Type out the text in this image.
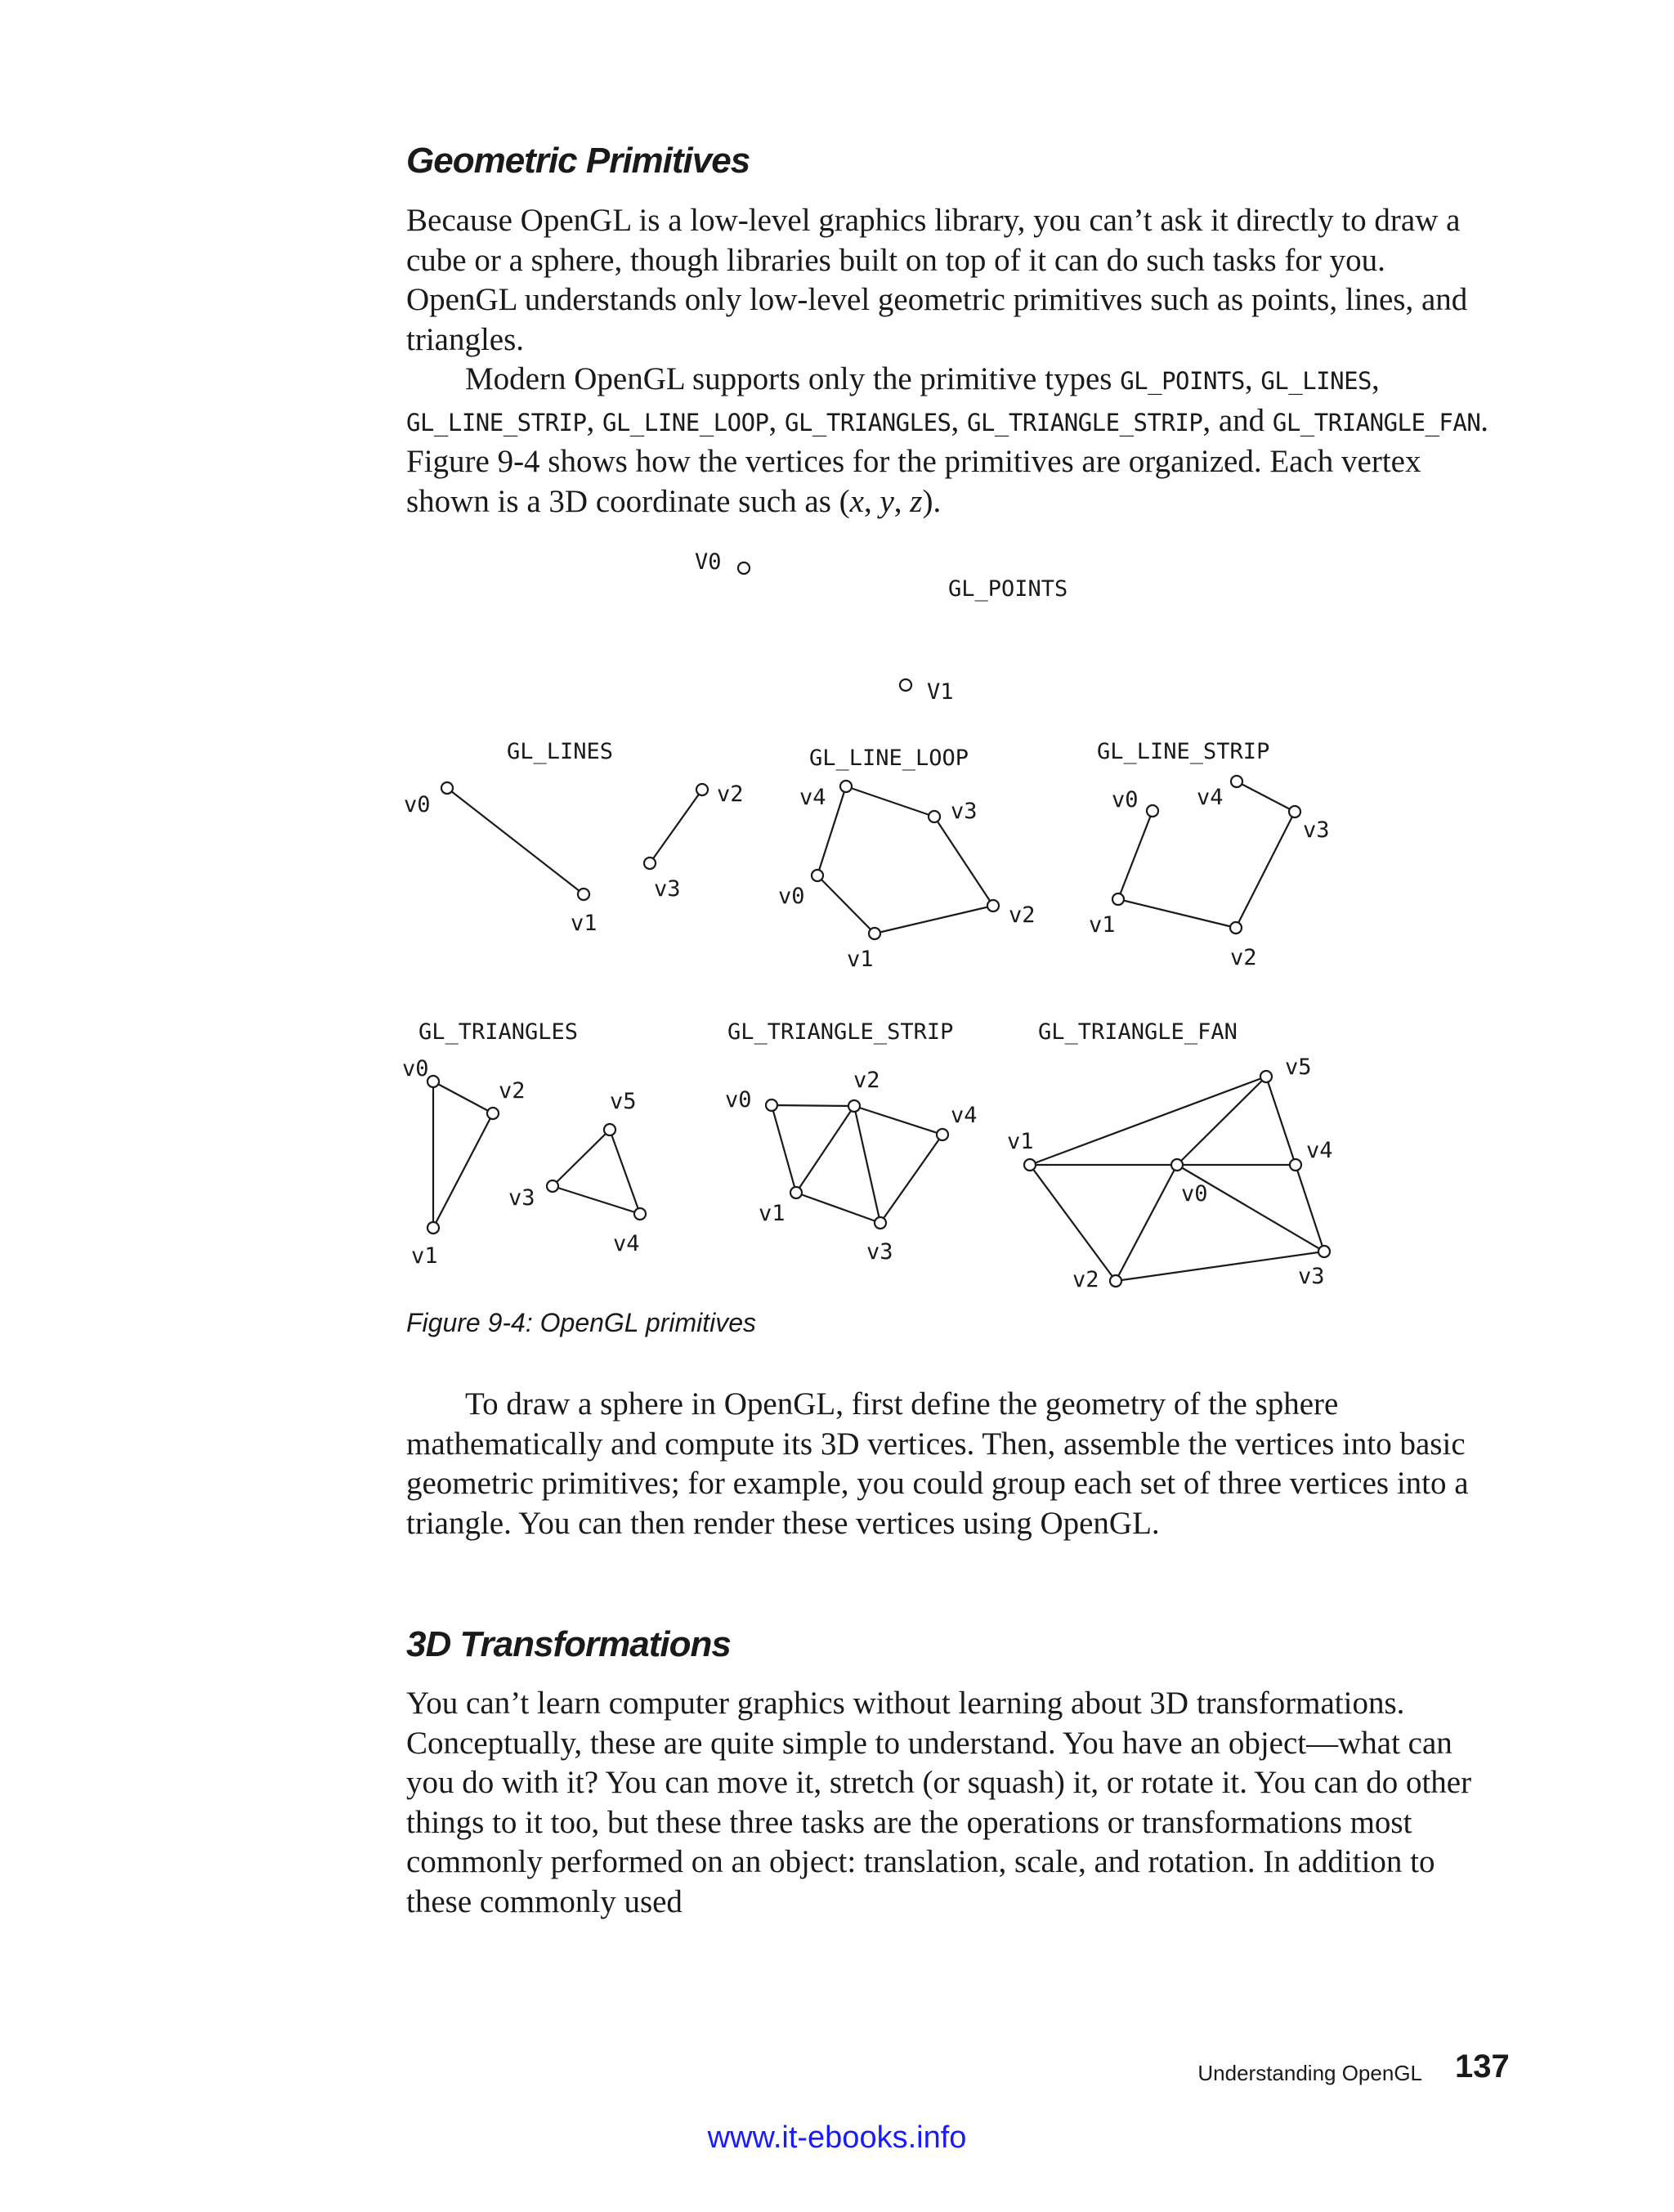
Geometric Primitives

Because OpenGL is a low-level graphics library, you can’t ask it directly to draw a cube or a sphere, though libraries built on top of it can do such tasks for you. OpenGL understands only low-level geometric primitives such as points, lines, and triangles.

Modern OpenGL supports only the primitive types GL_POINTS, GL_LINES, GL_LINE_STRIP, GL_LINE_LOOP, GL_TRIANGLES, GL_TRIANGLE_STRIP, and GL_TRIANGLE_FAN. Figure 9-4 shows how the vertices for the primitives are organized. Each vertex shown is a 3D coordinate such as (x, y, z).

GL_POINTS
V0
V1
GL_LINES
v0
v1
v2
v3
GL_LINE_LOOP
v0
v1
v2
v3
v4
GL_LINE_STRIP
v0
v1
v2
v3
v4
GL_TRIANGLES
v0
v1
v2
v3
v4
v5
GL_TRIANGLE_STRIP
v0
v1
v2
v3
v4
GL_TRIANGLE_FAN
v0
v1
v2	v3
v4
v5

Figure 9-4: OpenGL primitives

To draw a sphere in OpenGL, first define the geometry of the sphere mathematically and compute its 3D vertices. Then, assemble the vertices into basic geometric primitives; for example, you could group each set of three vertices into a triangle. You can then render these vertices using OpenGL.

3D Transformations

You can’t learn computer graphics without learning about 3D transformations. Conceptually, these are quite simple to understand. You have an object—what can you do with it? You can move it, stretch (or squash) it, or rotate it. You can do other things to it too, but these three tasks are the operations or transformations most commonly performed on an object: translation, scale, and rotation. In addition to these commonly used

Understanding OpenGL 137
www.it-ebooks.info
